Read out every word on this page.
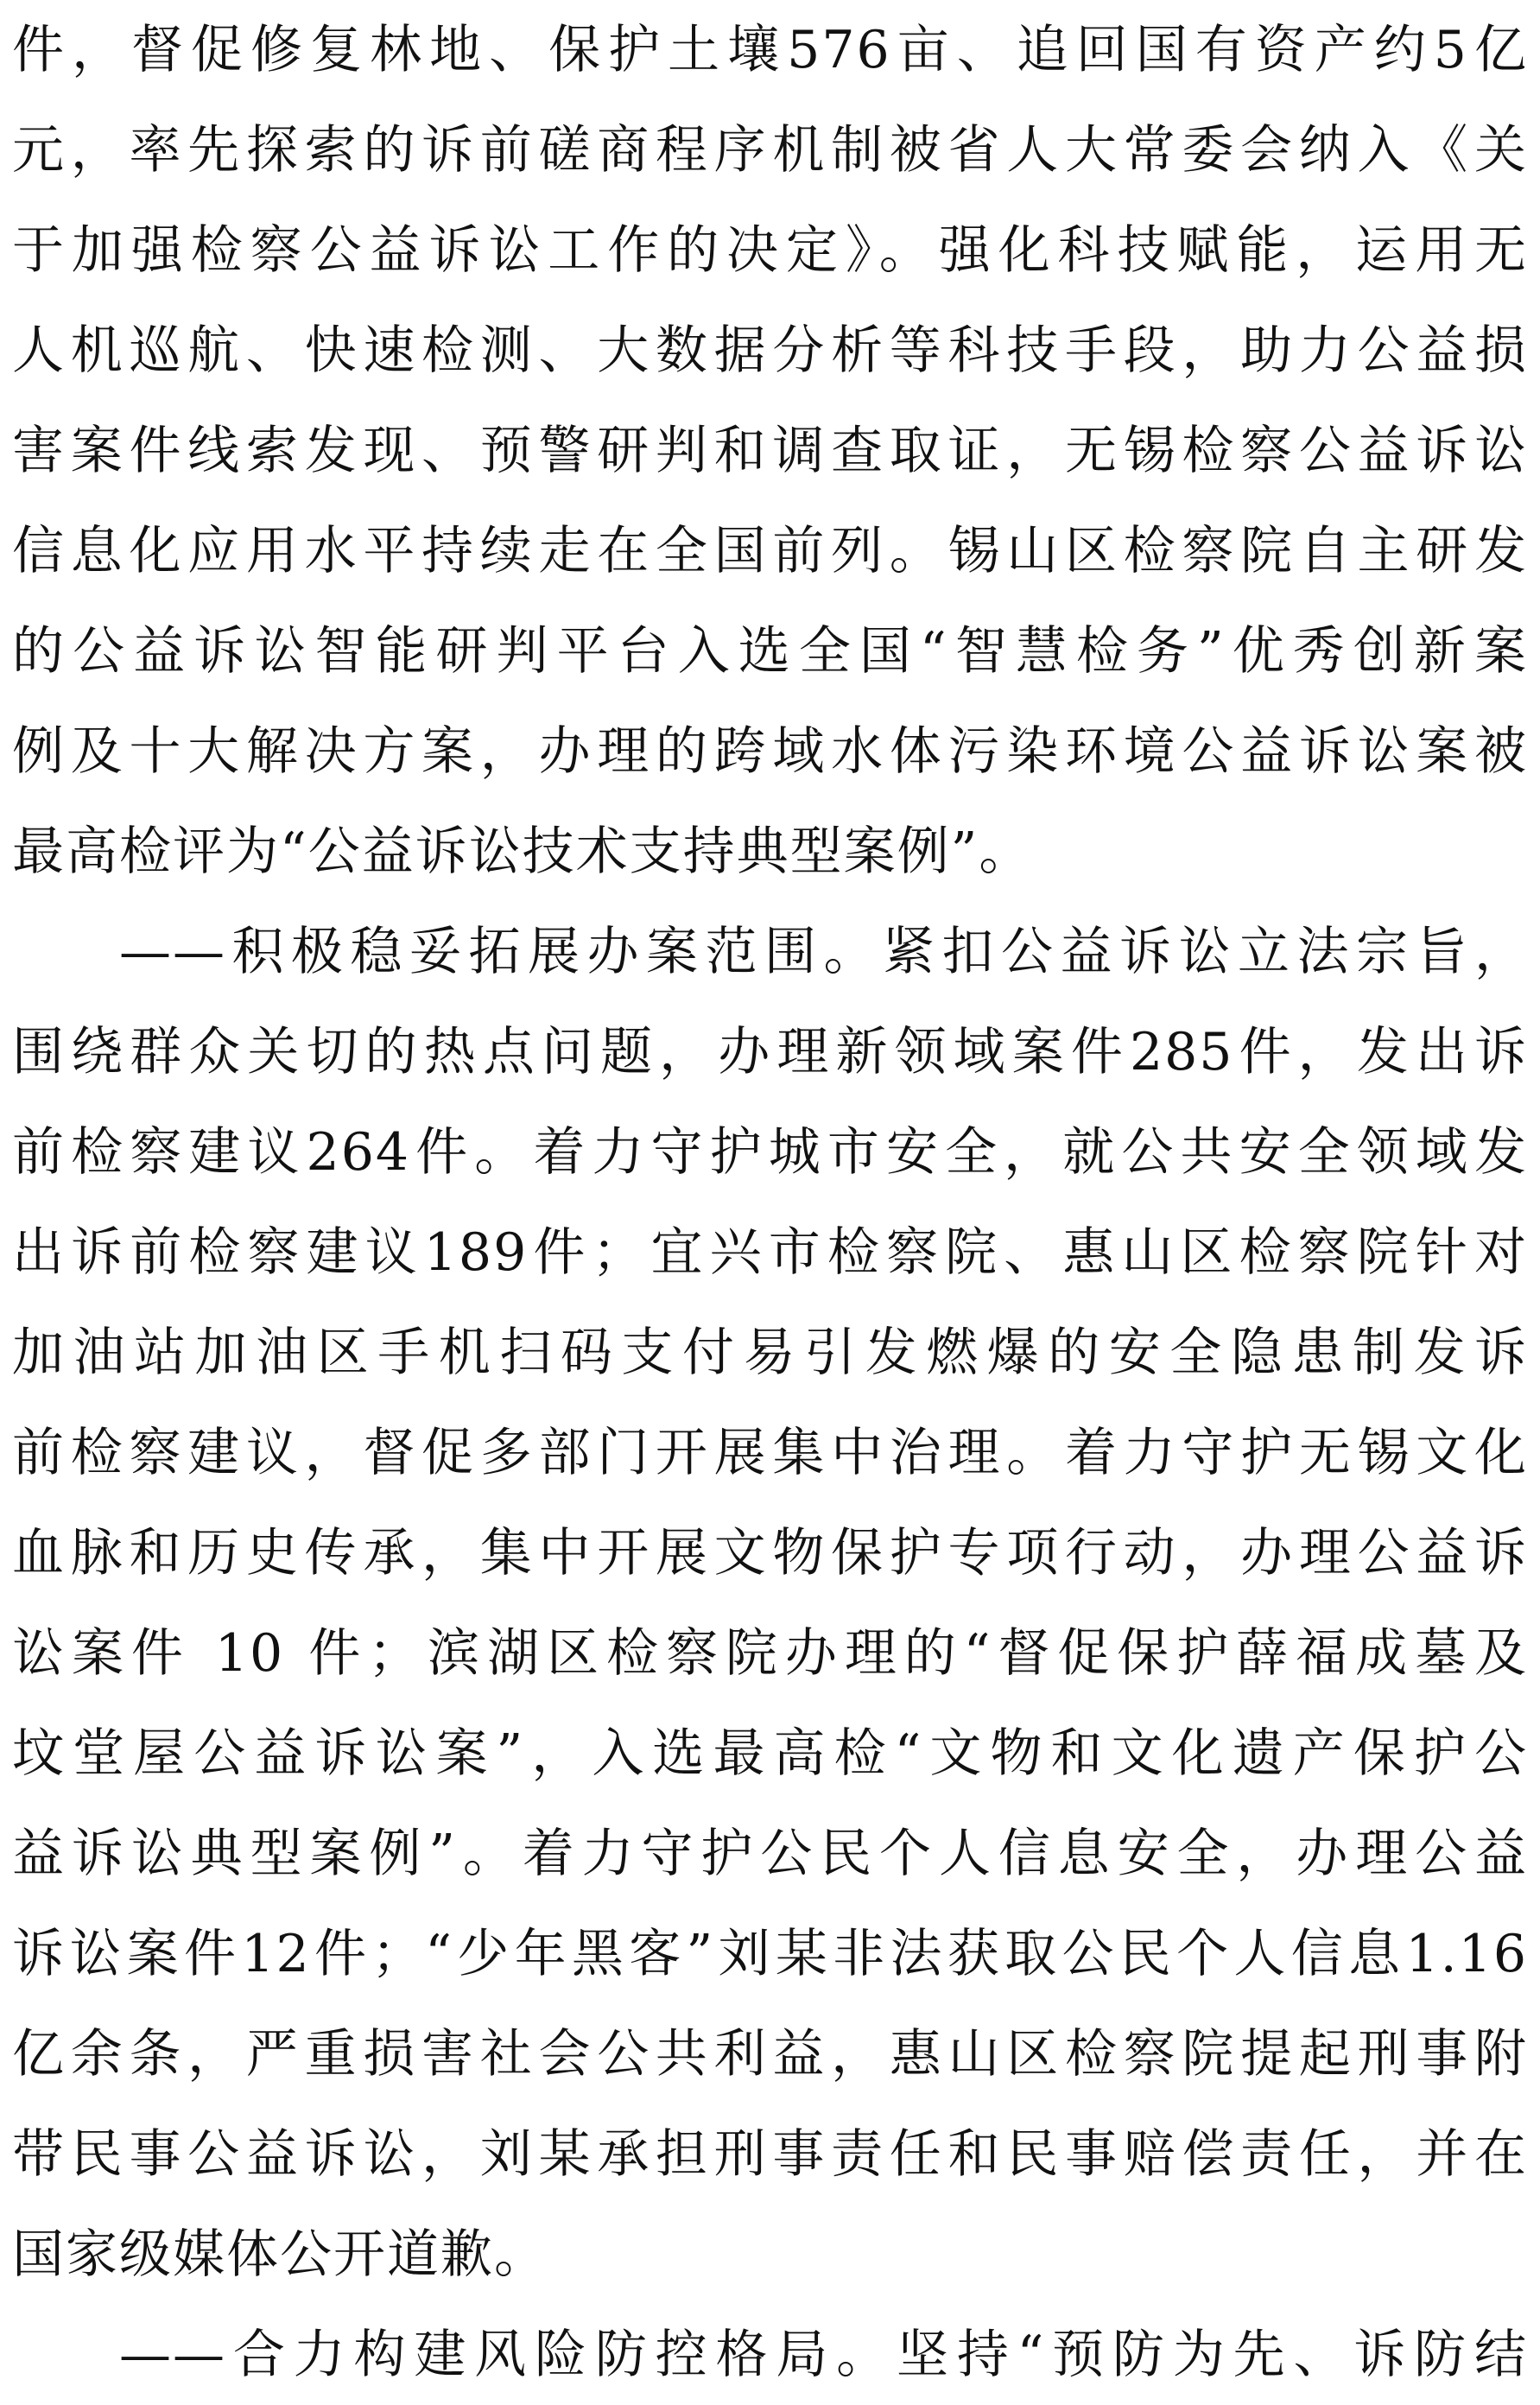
件，督促修复林地、保护土壤576亩、追回国有资产约5亿
元，率先探索的诉前磋商程序机制被省人大常委会纳入《关
于加强检察公益诉讼工作的决定》。强化科技赋能，运用无
人机巡航、快速检测、大数据分析等科技手段，助力公益损
害案件线索发现、预警研判和调查取证，无锡检察公益诉讼
信息化应用水平持续走在全国前列。锡山区检察院自主研发
的公益诉讼智能研判平台入选全国“智慧检务”优秀创新案
例及十大解决方案，办理的跨域水体污染环境公益诉讼案被
最高检评为“公益诉讼技术支持典型案例”。
——积极稳妥拓展办案范围。紧扣公益诉讼立法宗旨，
围绕群众关切的热点问题，办理新领域案件285件，发出诉
前检察建议264件。着力守护城市安全，就公共安全领域发
出诉前检察建议189件；宜兴市检察院、惠山区检察院针对
加油站加油区手机扫码支付易引发燃爆的安全隐患制发诉
前检察建议，督促多部门开展集中治理。着力守护无锡文化
血脉和历史传承，集中开展文物保护专项行动，办理公益诉
讼案件 10 件；滨湖区检察院办理的“督促保护薛福成墓及
坟堂屋公益诉讼案”，入选最高检“文物和文化遗产保护公
益诉讼典型案例”。着力守护公民个人信息安全，办理公益
诉讼案件12件；“少年黑客”刘某非法获取公民个人信息1.16
亿余条，严重损害社会公共利益，惠山区检察院提起刑事附
带民事公益诉讼，刘某承担刑事责任和民事赔偿责任，并在
国家级媒体公开道歉。
——合力构建风险防控格局。坚持“预防为先、诉防结
